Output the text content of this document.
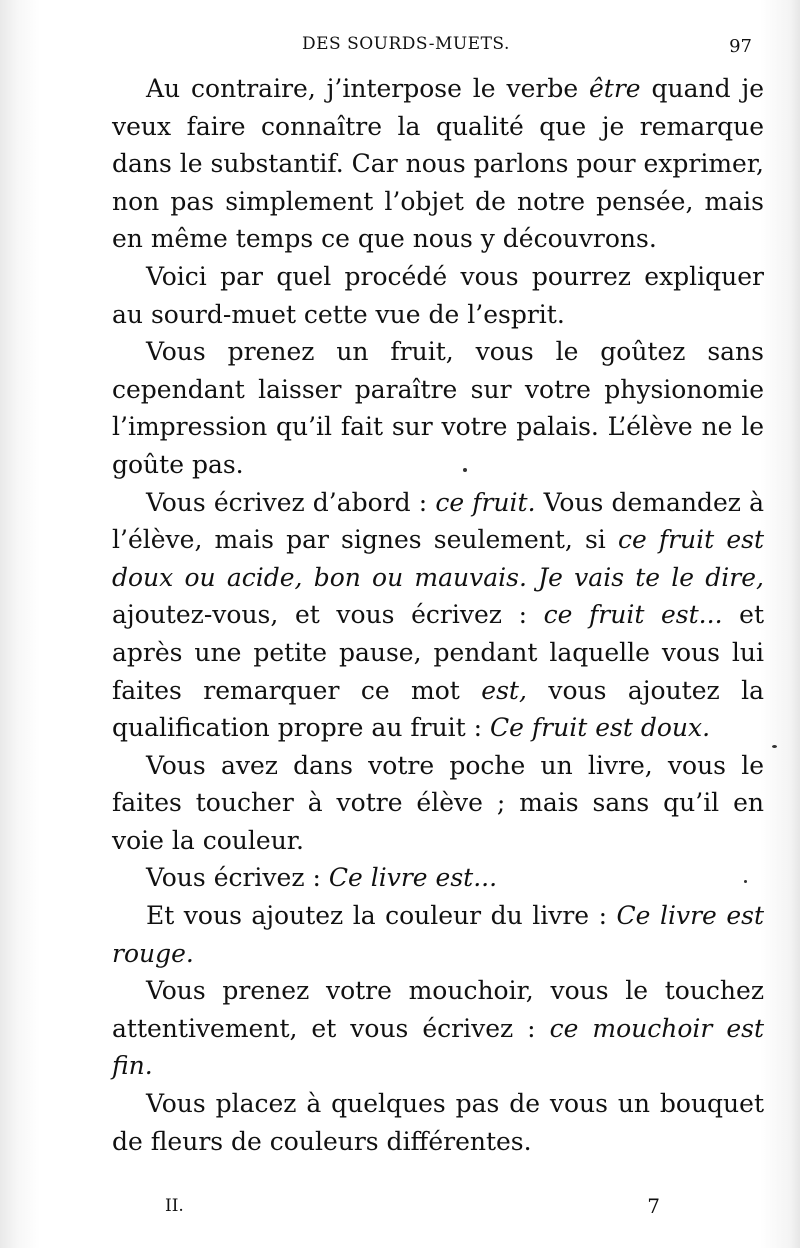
DES SOURDS-MUETS.	97

Au contraire, j’interpose le verbe être quand je veux faire connaître la qualité que je remarque dans le substantif. Car nous parlons pour exprimer, non pas simplement l’objet de notre pensée, mais en même temps ce que nous y découvrons.

Voici par quel procédé vous pourrez expliquer au sourd-muet cette vue de l’esprit.

Vous prenez un fruit, vous le goûtez sans cependant laisser paraître sur votre physionomie l’impression qu’il fait sur votre palais. L’élève ne le goûte pas.

Vous écrivez d’abord : ce fruit. Vous demandez à l’élève, mais par signes seulement, si ce fruit est doux ou acide, bon ou mauvais. Je vais te le dire, ajoutez-vous, et vous écrivez : ce fruit est... et après une petite pause, pendant laquelle vous lui faites remarquer ce mot est, vous ajoutez la qualification propre au fruit : Ce fruit est doux.

Vous avez dans votre poche un livre, vous le faites toucher à votre élève ; mais sans qu’il en voie la couleur.

Vous écrivez : Ce livre est...

Et vous ajoutez la couleur du livre : Ce livre est rouge.

Vous prenez votre mouchoir, vous le touchez attentivement, et vous écrivez : ce mouchoir est fin.

Vous placez à quelques pas de vous un bouquet de fleurs de couleurs différentes.

II.	7
